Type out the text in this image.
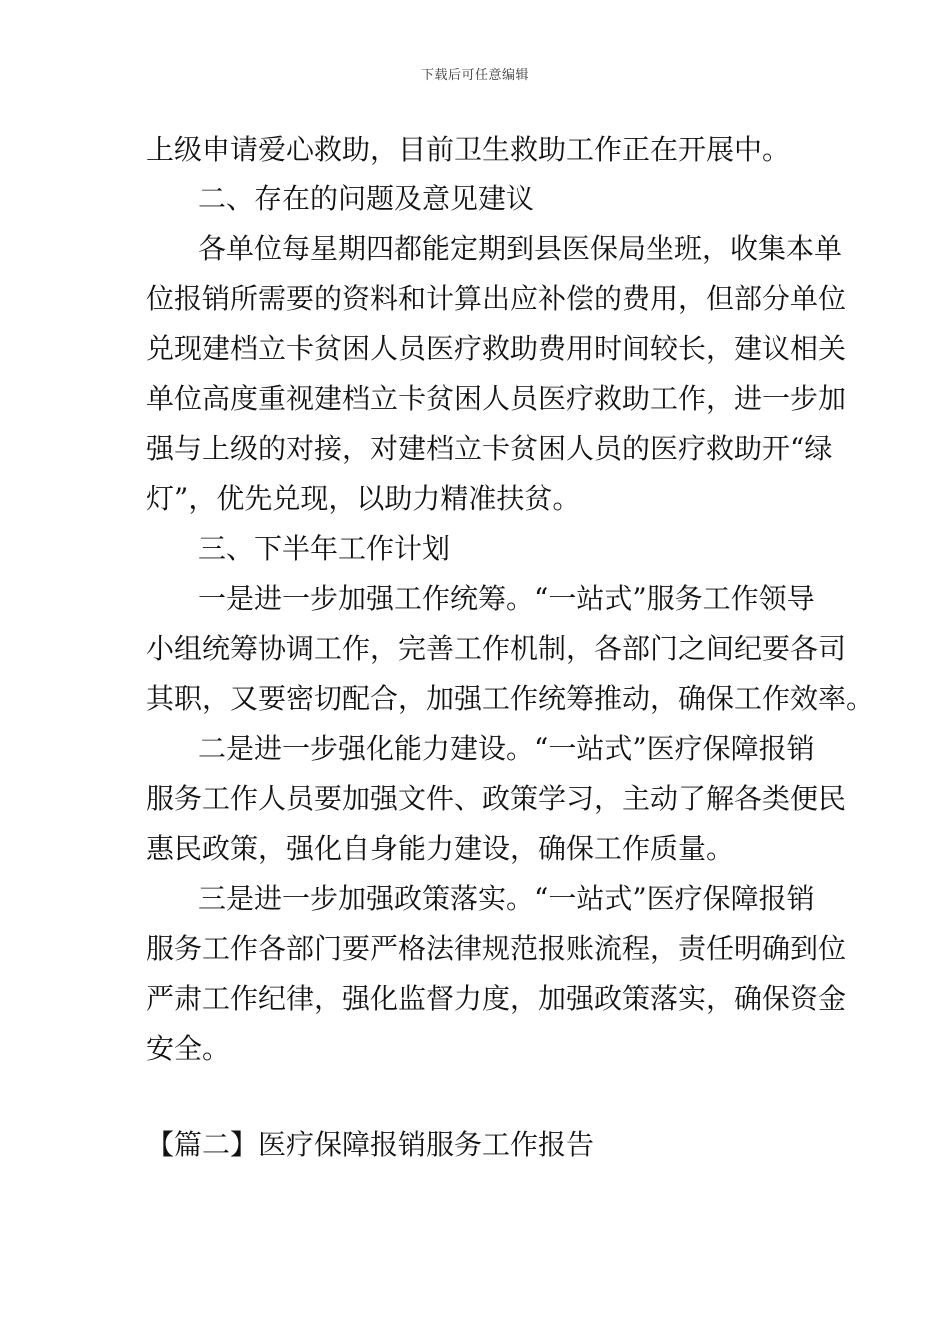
下载后可任意编辑
上级申请爱心救助，目前卫生救助工作正在开展中。
二、存在的问题及意见建议
各单位每星期四都能定期到县医保局坐班，收集本单
位报销所需要的资料和计算出应补偿的费用，但部分单位
兑现建档立卡贫困人员医疗救助费用时间较长，建议相关
单位高度重视建档立卡贫困人员医疗救助工作，进一步加
强与上级的对接，对建档立卡贫困人员的医疗救助开“绿
灯”，优先兑现，以助力精准扶贫。
三、下半年工作计划
一是进一步加强工作统筹。“一站式”服务工作领导
小组统筹协调工作，完善工作机制，各部门之间纪要各司
其职，又要密切配合，加强工作统筹推动，确保工作效率。
二是进一步强化能力建设。“一站式”医疗保障报销
服务工作人员要加强文件、政策学习，主动了解各类便民
惠民政策，强化自身能力建设，确保工作质量。
三是进一步加强政策落实。“一站式”医疗保障报销
服务工作各部门要严格法律规范报账流程，责任明确到位
严肃工作纪律，强化监督力度，加强政策落实，确保资金
安全。
【篇二】医疗保障报销服务工作报告
